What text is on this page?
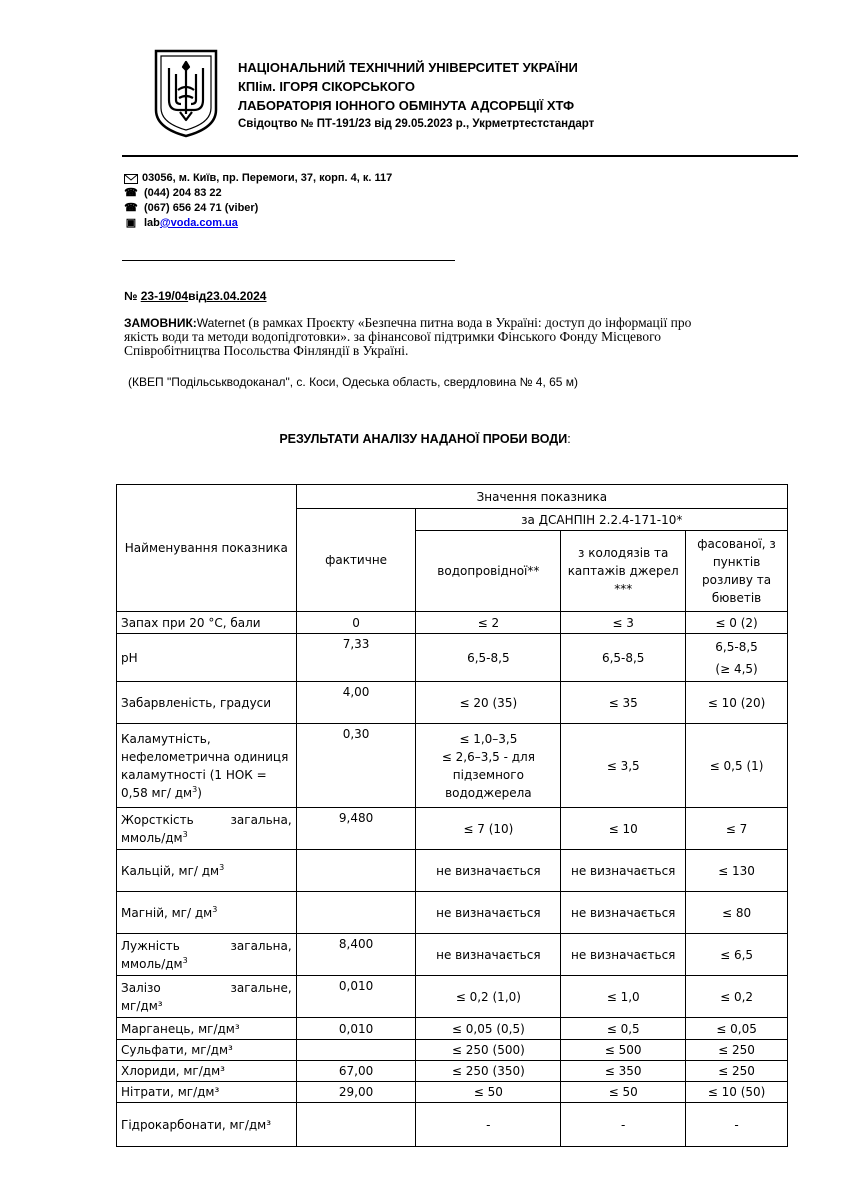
НАЦІОНАЛЬНИЙ ТЕХНІЧНИЙ УНІВЕРСИТЕТ УКРАЇНИ
КПІім. ІГОРЯ СІКОРСЬКОГО
ЛАБОРАТОРІЯ ІОННОГО ОБМІНУТА АДСОРБЦІЇ ХТФ
Свідоцтво № ПТ-191/23 від 29.05.2023 р., Укрметртестстандарт
03056, м. Київ, пр. Перемоги, 37, корп. 4, к. 117
☎ (044) 204 83 22
☎ (067) 656 24 71 (viber)
▣ lab @voda.com.ua
№ 23-19/04від23.04.2024
ЗАМОВНИК:Waternet (в рамках Проєкту «Безпечна питна вода в Україні: доступ до інформації про
якість води та методи водопідготовки». за фінансової підтримки Фінського Фонду Місцевого
Співробітництва Посольства Фінляндії в Україні.
(КВЕП "Подільськводоканал", с. Коси, Одеська область, свердловина № 4, 65 м)
РЕЗУЛЬТАТИ АНАЛІЗУ НАДАНОЇ ПРОБИ ВОДИ:
Найменування показника	Значення показника			
	фактичне	за ДСАНПІН 2.2.4-171-10*		
		водопровідної**	з колодязів та каптажів джерел ***	фасованої, з пунктів розливу та бюветів
Запах при 20 °С, бали	0	≤ 2	≤ 3	≤ 0 (2)
pH	7,33	6,5-8,5	6,5-8,5	6,5-8,5
(≥ 4,5)

Забарвленість, градуси	4,00	≤ 20 (35)	≤ 35	≤ 10 (20)
Каламутність, нефелометрична одиниця каламутності (1 НОК = 0,58 мг/ $дм^3$)	0,30	≤ 1,0–3,5
≤ 2,6–3,5 - для підземного вододжерела	≤ 3,5	≤ 0,5 (1)

Жорсткість загальна,
ммоль/$дм^3$	9,480	≤ 7 (10)	≤ 10	≤ 7
Кальцій, мг/ $дм^3$		не визначається	не визначається	≤ 130
Магній, мг/ $дм^3$		не визначається	не визначається	≤ 80

Лужність загальна,
ммоль/$дм^3$	8,400	не визначається	не визначається	≤ 6,5

Залізо загальне,
мг/дм³	0,010	≤ 0,2 (1,0)	≤ 1,0	≤ 0,2
Марганець, мг/дм³	0,010	≤ 0,05 (0,5)	≤ 0,5	≤ 0,05
Сульфати, мг/дм³		≤ 250 (500)	≤ 500	≤ 250
Хлориди, мг/дм³	67,00	≤ 250 (350)	≤ 350	≤ 250
Нітрати, мг/дм³	29,00	≤ 50	≤ 50	≤ 10 (50)
Гідрокарбонати, мг/дм³		-	-	-
